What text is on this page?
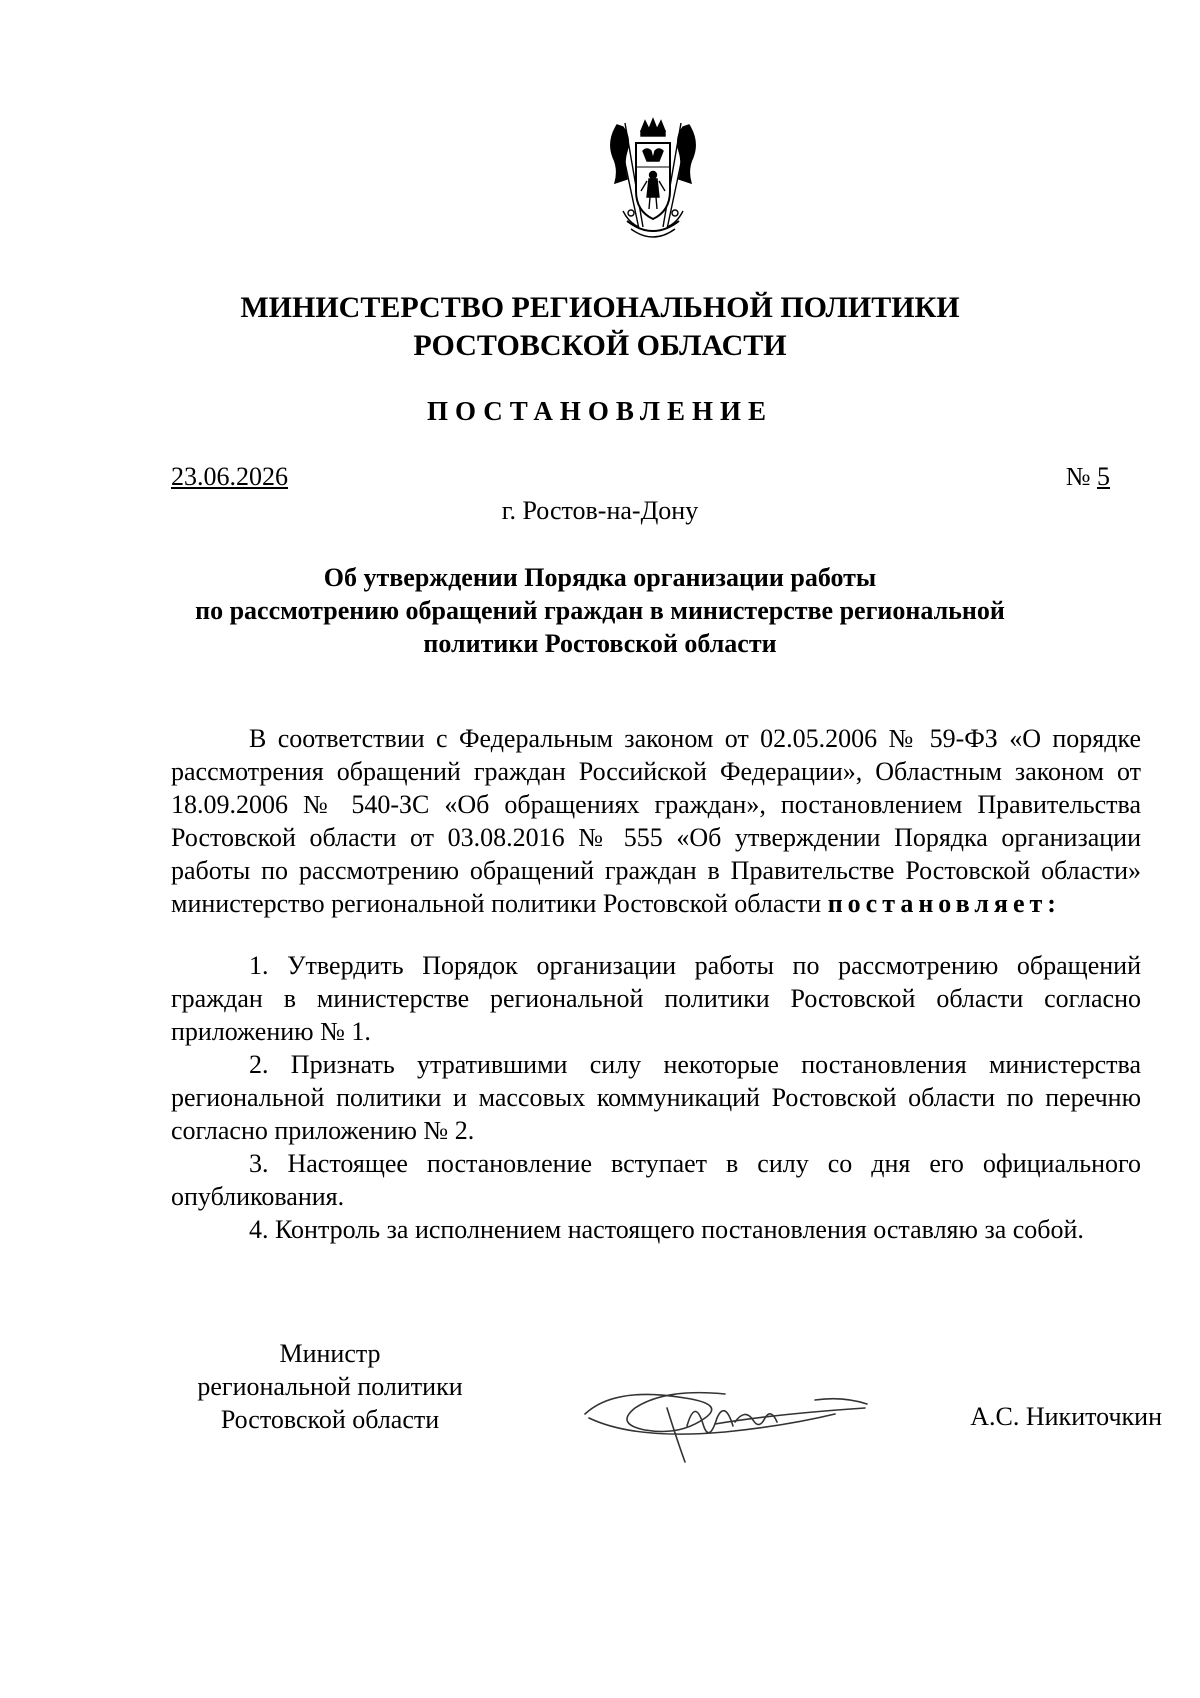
МИНИСТЕРСТВО РЕГИОНАЛЬНОЙ ПОЛИТИКИ
РОСТОВСКОЙ ОБЛАСТИ
ПОСТАНОВЛЕНИЕ
23.06.2026	№ 5
г. Ростов-на-Дону
Об утверждении Порядка организации работы
по рассмотрению обращений граждан в министерстве региональной
политики Ростовской области

В соответствии с Федеральным законом от 02.05.2006 № 59-ФЗ «О порядке рассмотрения обращений граждан Российской Федерации», Областным законом от 18.09.2006 № 540-ЗС «Об обращениях граждан», постановлением Правительства Ростовской области от 03.08.2016 № 555 «Об утверждении Порядка организации работы по рассмотрению обращений граждан в Правительстве Ростовской области» министерство региональной политики Ростовской области постановляет:

1. Утвердить Порядок организации работы по рассмотрению обращений граждан в министерстве региональной политики Ростовской области согласно приложению № 1.

2. Признать утратившими силу некоторые постановления министерства региональной политики и массовых коммуникаций Ростовской области по перечню согласно приложению № 2.

3. Настоящее постановление вступает в силу со дня его официального опубликования.

4. Контроль за исполнением настоящего постановления оставляю за собой.

Министр
региональной политики
Ростовской области	А.С. Никиточкин
